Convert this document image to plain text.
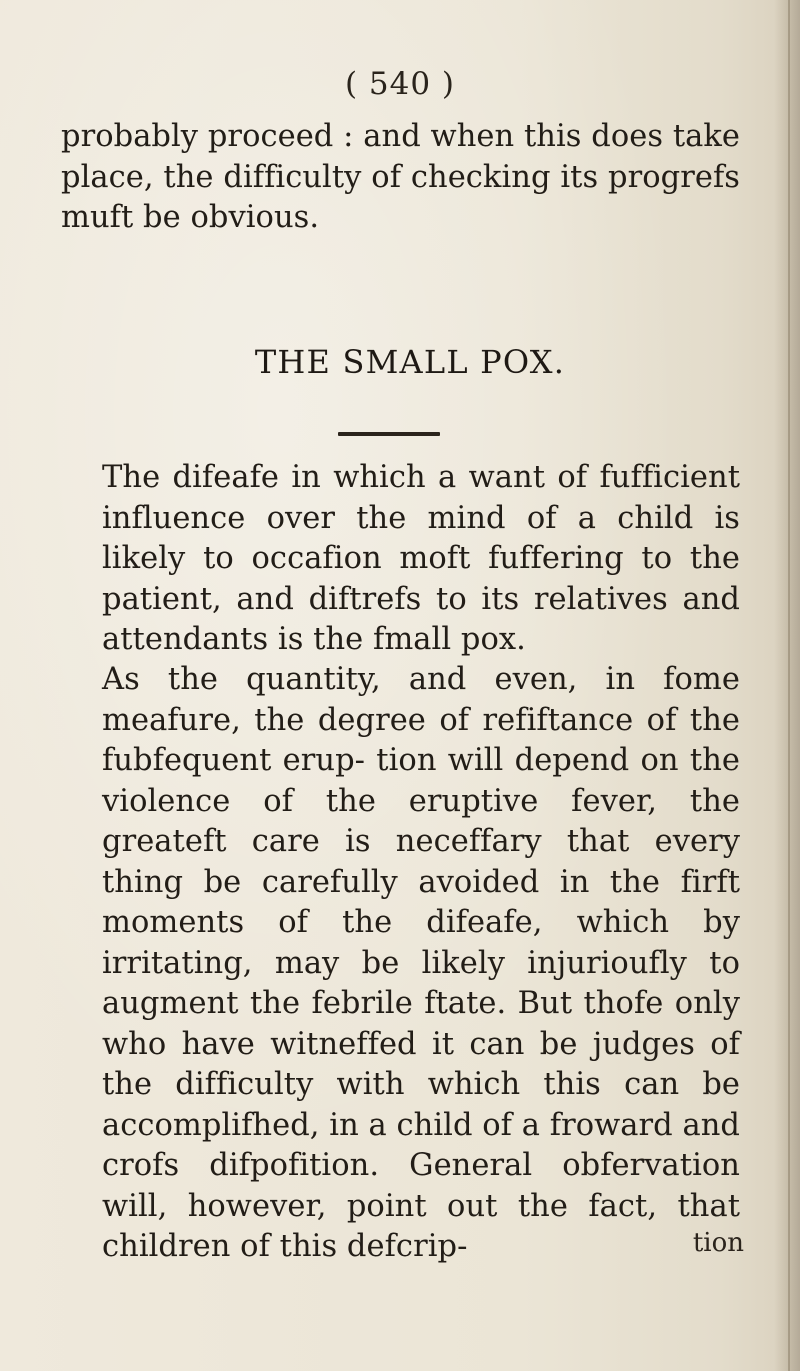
( 540 )

probably proceed : and when this does take place, the difficulty of checking its progrefs muft be obvious.

THE SMALL POX.

The difeafe in which a want of fufficient influence over the mind of a child is likely to occafion moft fuffering to the patient, and diftrefs to its relatives and attendants is the fmall pox.

As the quantity, and even, in fome meafure, the degree of refiftance of the fubfequent erup- tion will depend on the violence of the eruptive fever, the greateft care is neceffary that every thing be carefully avoided in the firft moments of the difeafe, which by irritating, may be likely injurioufly to augment the febrile ftate. But thofe only who have witneffed it can be judges of the difficulty with which this can be accomplifhed, in a child of a froward and crofs difpofition. General obfervation will, however, point out the fact, that children of this defcrip-	tion
